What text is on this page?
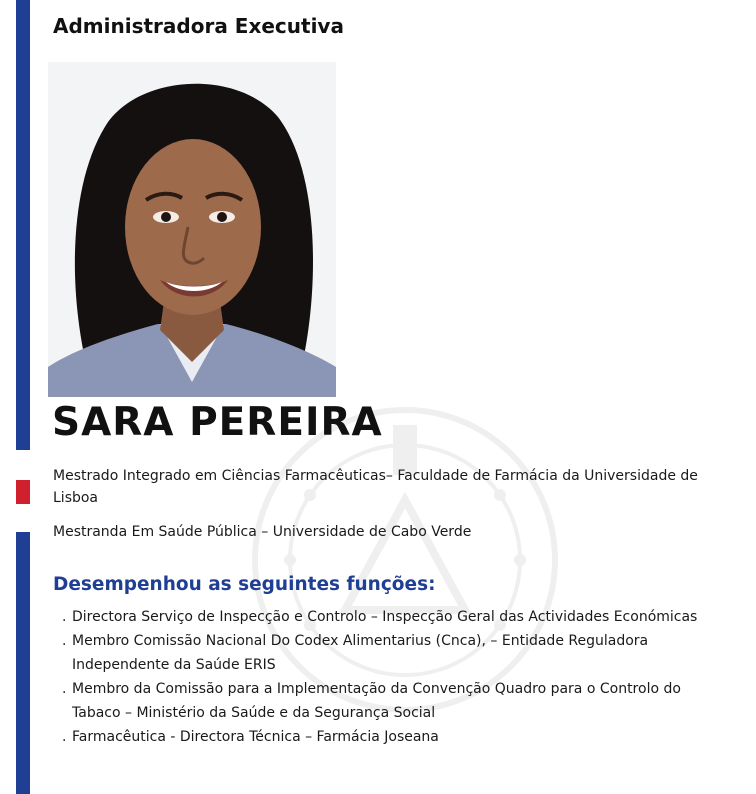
Administradora Executiva
SARA PEREIRA
Mestrado Integrado em Ciências Farmacêuticas– Faculdade de Farmácia da Universidade de Lisboa
Mestranda Em Saúde Pública – Universidade de Cabo Verde
Desempenhou as seguintes funções:
. Directora Serviço de Inspecção e Controlo – Inspecção Geral das Actividades Económicas
. Membro Comissão Nacional Do Codex Alimentarius (Cnca), – Entidade Reguladora Independente da Saúde ERIS
. Membro da Comissão para a Implementação da Convenção Quadro para o Controlo do Tabaco – Ministério da Saúde e da Segurança Social
. Farmacêutica - Directora Técnica – Farmácia Joseana
